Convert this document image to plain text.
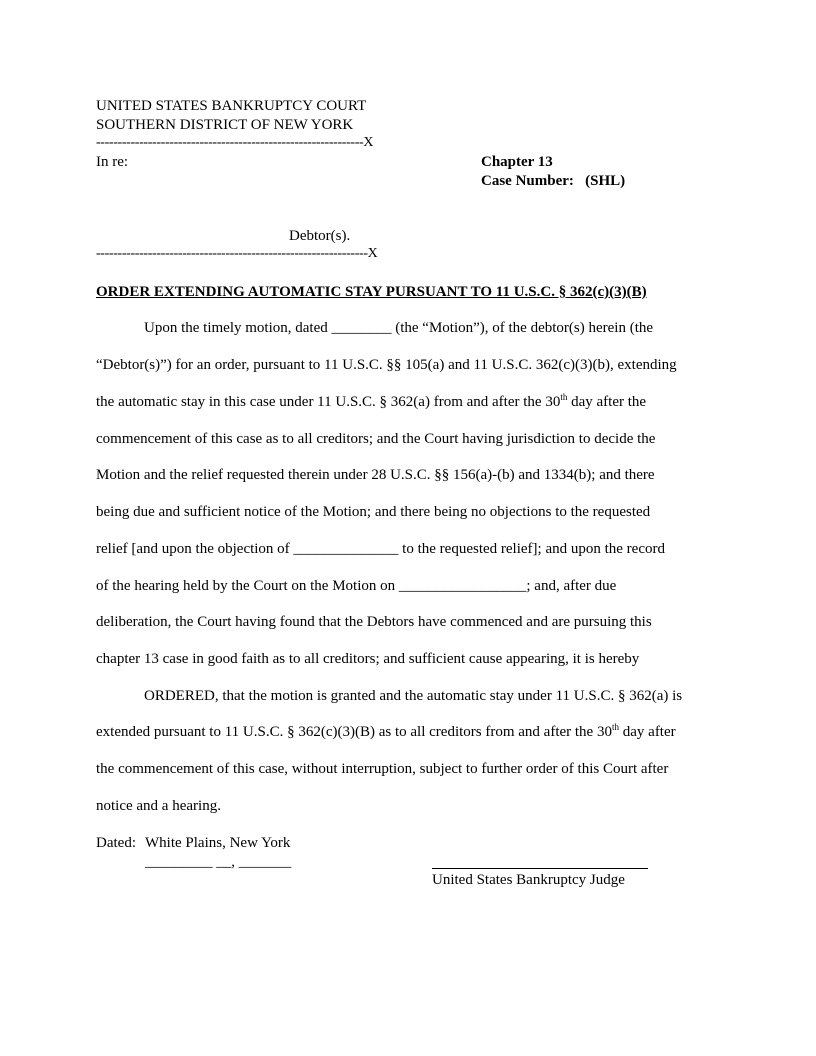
UNITED STATES BANKRUPTCY COURT
SOUTHERN DISTRICT OF NEW YORK
--------------------------------------------------------------X
In re:	Chapter 13
Case Number:   (SHL)
Debtor(s).
---------------------------------------------------------------X
ORDER EXTENDING AUTOMATIC STAY PURSUANT TO 11 U.S.C. § 362(c)(3)(B)
Upon the timely motion, dated ________ (the “Motion”), of the debtor(s) herein (the
“Debtor(s)”) for an order, pursuant to 11 U.S.C. §§ 105(a) and 11 U.S.C. 362(c)(3)(b), extending
the automatic stay in this case under 11 U.S.C. § 362(a) from and after the 30th day after the
commencement of this case as to all creditors; and the Court having jurisdiction to decide the
Motion and the relief requested therein under 28 U.S.C. §§ 156(a)-(b) and 1334(b); and there
being due and sufficient notice of the Motion; and there being no objections to the requested
relief [and upon the objection of ______________ to the requested relief]; and upon the record
of the hearing held by the Court on the Motion on _________________; and, after due
deliberation, the Court having found that the Debtors have commenced and are pursuing this
chapter 13 case in good faith as to all creditors; and sufficient cause appearing, it is hereby
ORDERED, that the motion is granted and the automatic stay under 11 U.S.C. § 362(a) is
extended pursuant to 11 U.S.C. § 362(c)(3)(B) as to all creditors from and after the 30th day after
the commencement of this case, without interruption, subject to further order of this Court after
notice and a hearing.
Dated: White Plains, New York
_________ __, _______
United States Bankruptcy Judge
